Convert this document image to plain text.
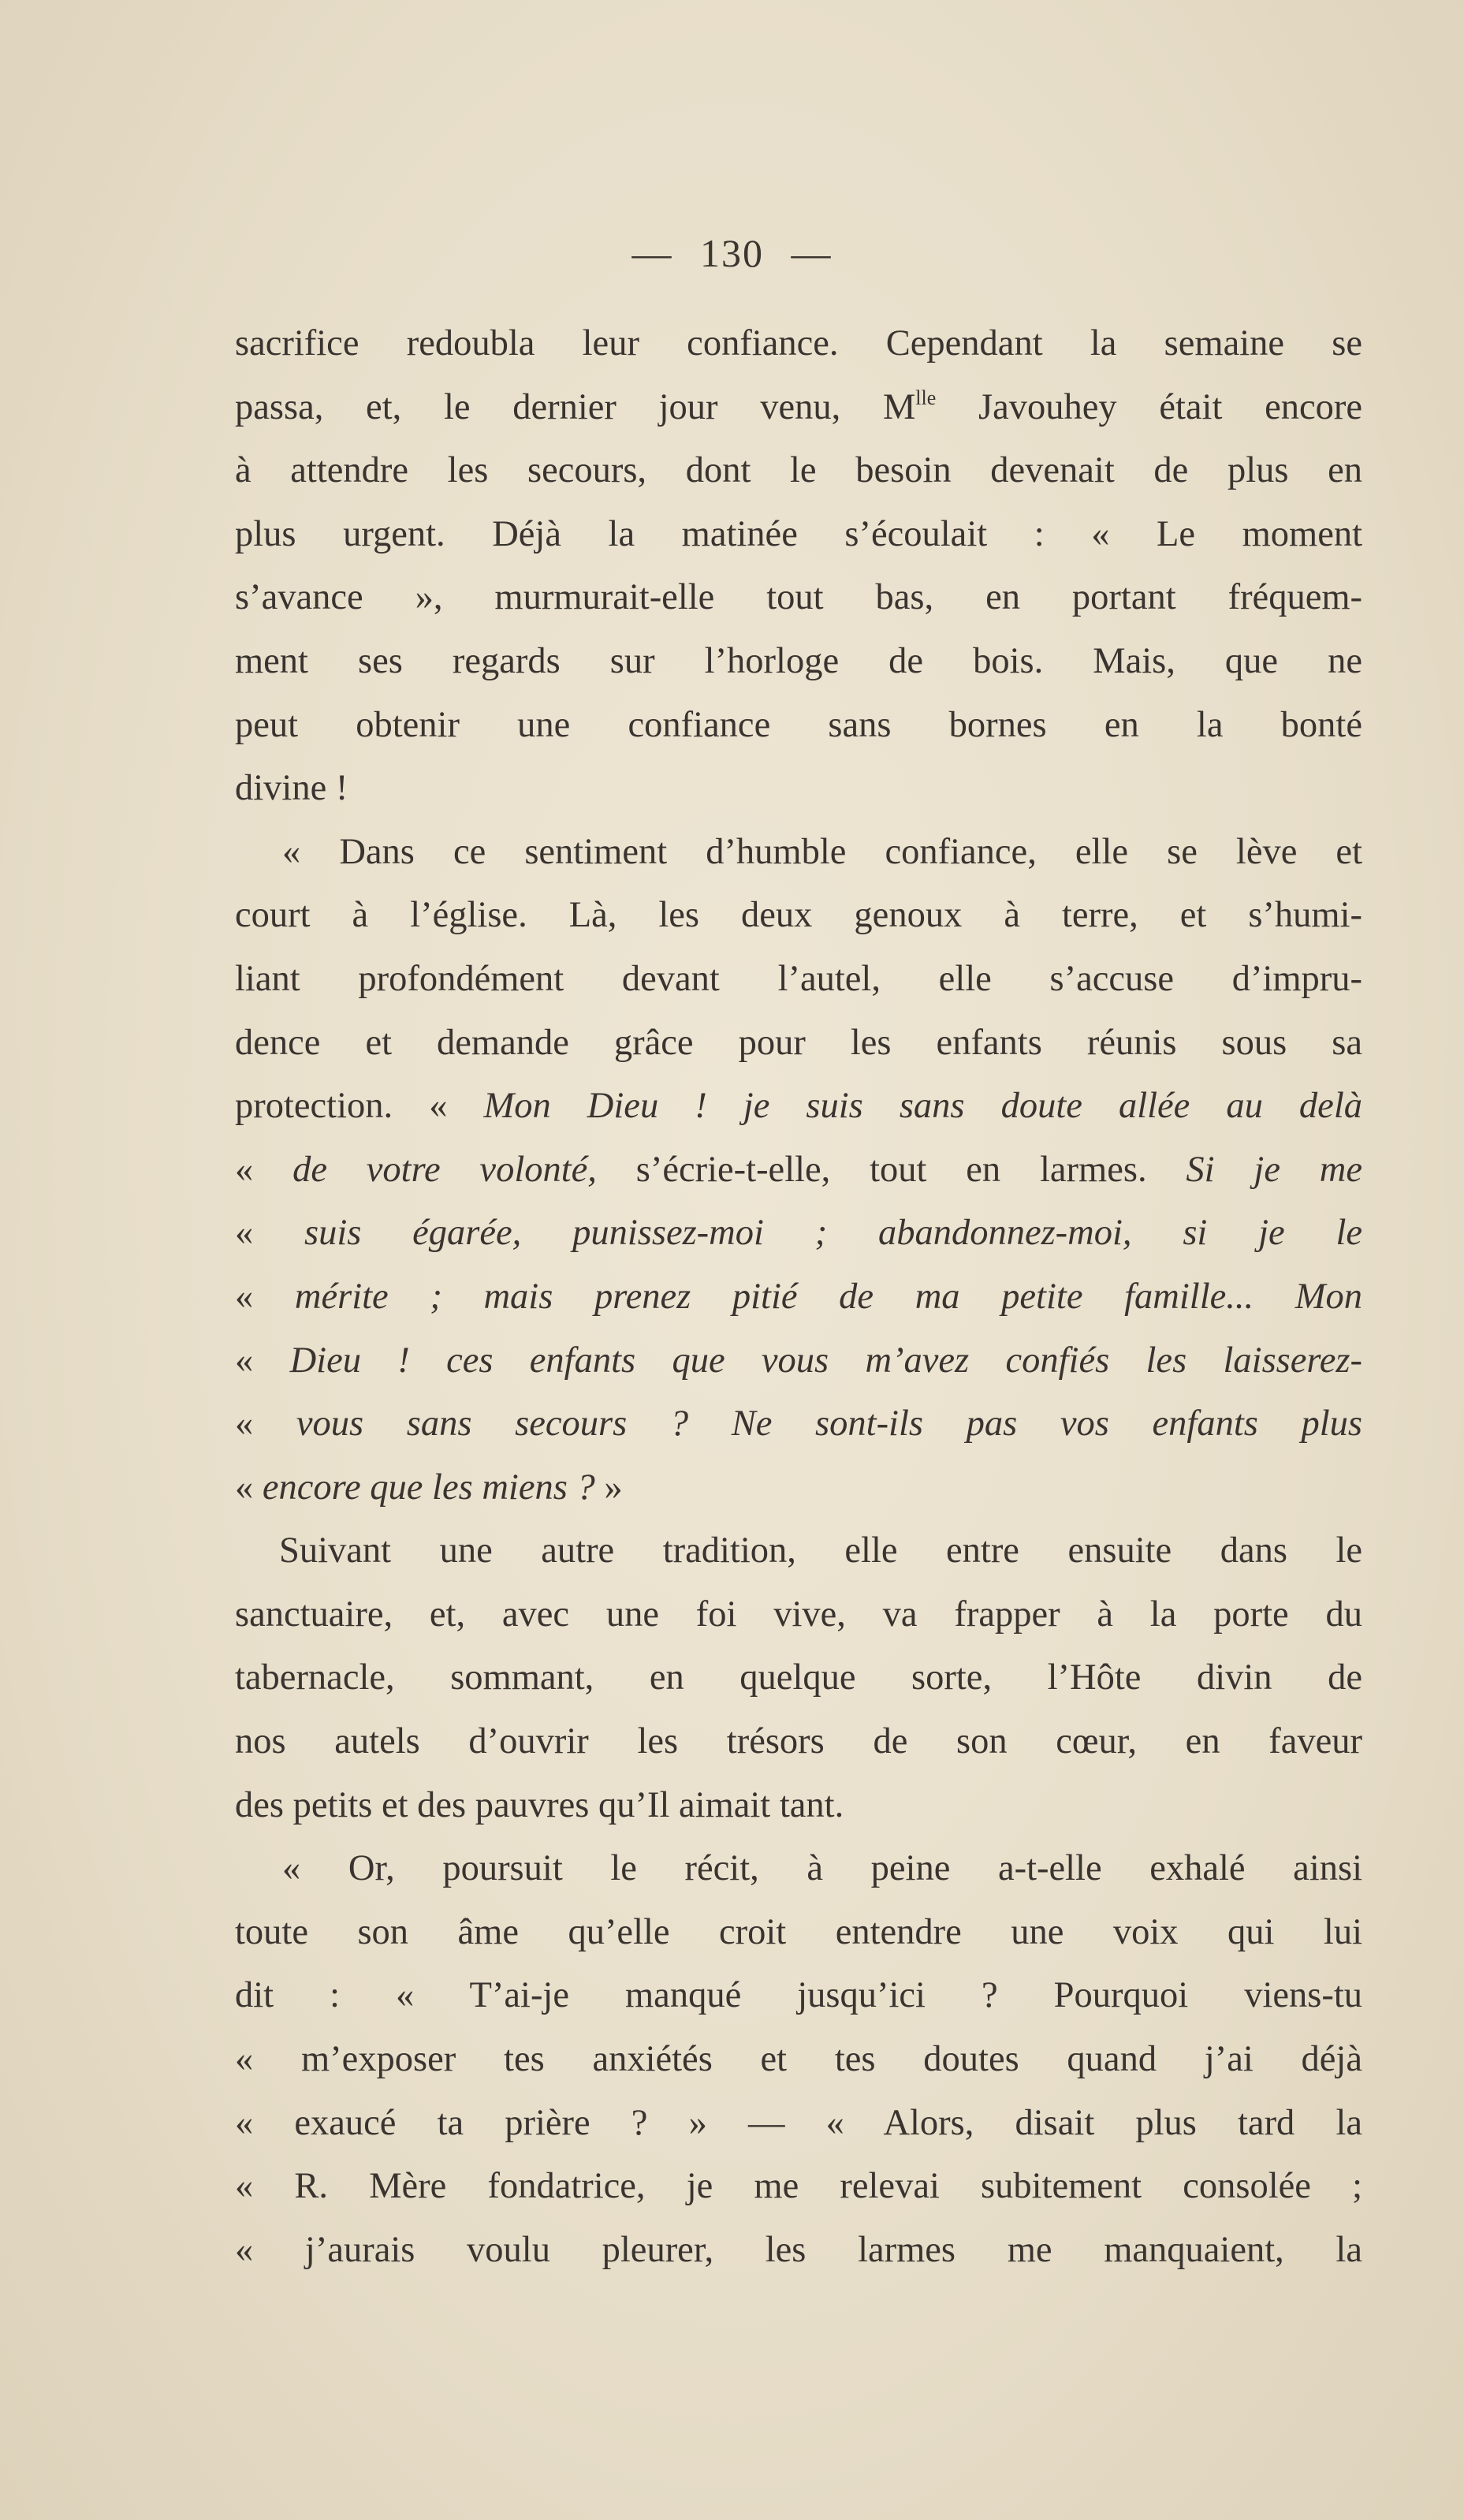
— 130 —
sacrifice redoubla leur confiance. Cependant la semaine se
passa, et, le dernier jour venu, $M^{lle}$ Javouhey était encore
à attendre les secours, dont le besoin devenait de plus en
plus urgent. Déjà la matinée s’écoulait : « Le moment
s’avance », murmurait-elle tout bas, en portant fréquem-
ment ses regards sur l’horloge de bois. Mais, que ne
peut obtenir une confiance sans bornes en la bonté
divine !
« Dans ce sentiment d’humble confiance, elle se lève et
court à l’église. Là, les deux genoux à terre, et s’humi-
liant profondément devant l’autel, elle s’accuse d’impru-
dence et demande grâce pour les enfants réunis sous sa
protection. « Mon Dieu ! je suis sans doute allée au delà
« de votre volonté, s’écrie-t-elle, tout en larmes. Si je me
« suis égarée, punissez-moi ; abandonnez-moi, si je le
« mérite ; mais prenez pitié de ma petite famille... Mon
« Dieu ! ces enfants que vous m’avez confiés les laisserez-
« vous sans secours ? Ne sont-ils pas vos enfants plus
« encore que les miens ? »
Suivant une autre tradition, elle entre ensuite dans le
sanctuaire, et, avec une foi vive, va frapper à la porte du
tabernacle, sommant, en quelque sorte, l’Hôte divin de
nos autels d’ouvrir les trésors de son cœur, en faveur
des petits et des pauvres qu’Il aimait tant.
« Or, poursuit le récit, à peine a-t-elle exhalé ainsi
toute son âme qu’elle croit entendre une voix qui lui
dit : « T’ai-je manqué jusqu’ici ? Pourquoi viens-tu
« m’exposer tes anxiétés et tes doutes quand j’ai déjà
« exaucé ta prière ? » — « Alors, disait plus tard la
« R. Mère fondatrice, je me relevai subitement consolée ;
« j’aurais voulu pleurer, les larmes me manquaient, la
